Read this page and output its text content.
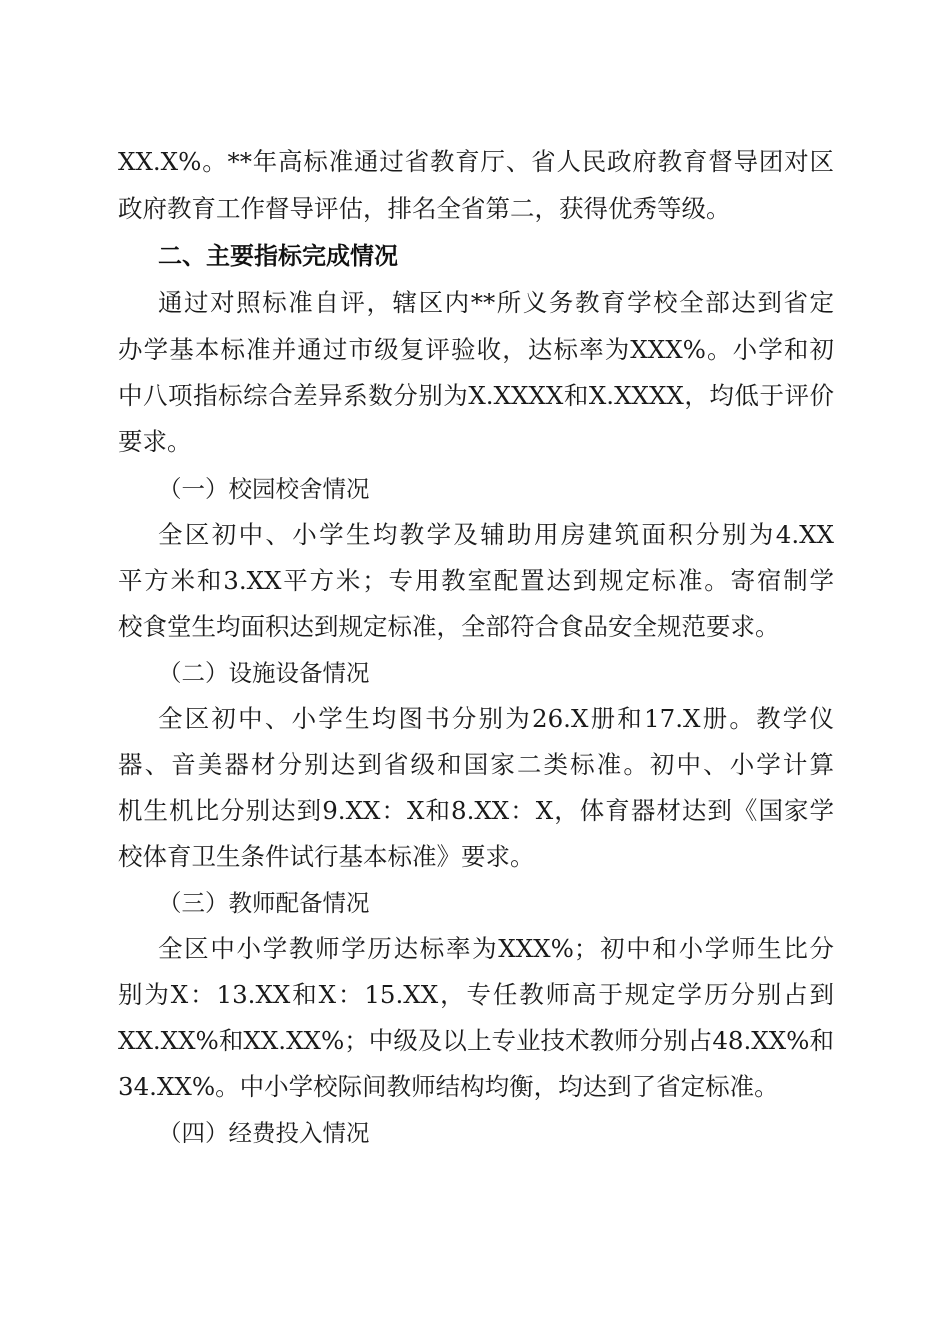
XX.X%。**年高标准通过省教育厅、省人民政府教育督导团对区
政府教育工作督导评估，排名全省第二，获得优秀等级。
二、主要指标完成情况
通过对照标准自评，辖区内**所义务教育学校全部达到省定
办学基本标准并通过市级复评验收，达标率为XXX%。小学和初
中八项指标综合差异系数分别为X.XXXX和X.XXXX，均低于评价
要求。
（一）校园校舍情况
全区初中、小学生均教学及辅助用房建筑面积分别为4.XX
平方米和3.XX平方米；专用教室配置达到规定标准。寄宿制学
校食堂生均面积达到规定标准，全部符合食品安全规范要求。
（二）设施设备情况
全区初中、小学生均图书分别为26.X册和17.X册。教学仪
器、音美器材分别达到省级和国家二类标准。初中、小学计算
机生机比分别达到9.XX：X和8.XX：X，体育器材达到《国家学
校体育卫生条件试行基本标准》要求。
（三）教师配备情况
全区中小学教师学历达标率为XXX%；初中和小学师生比分
别为X：13.XX和X：15.XX，专任教师高于规定学历分别占到
XX.XX%和XX.XX%；中级及以上专业技术教师分别占48.XX%和
34.XX%。中小学校际间教师结构均衡，均达到了省定标准。
（四）经费投入情况
